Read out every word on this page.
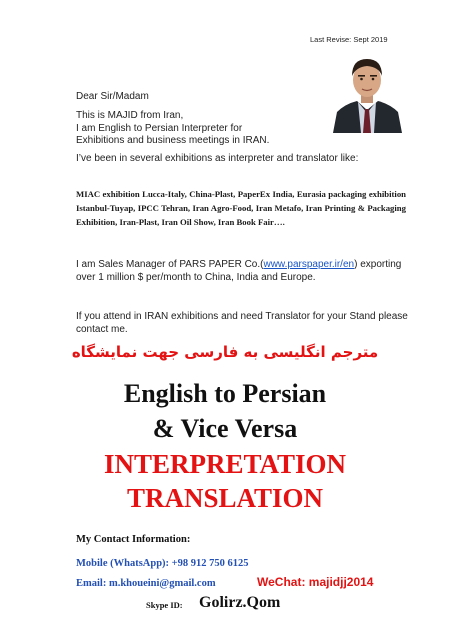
Last Revise: Sept 2019
Dear Sir/Madam
This is MAJID from Iran,
I am English to Persian Interpreter for
Exhibitions and business meetings in IRAN.
I’ve been in several exhibitions as interpreter and translator like:
MIAC exhibition Lucca-Italy, China-Plast, PaperEx India, Eurasia packaging exhibition Istanbul-Tuyap, IPCC Tehran, Iran Agro-Food, Iran Metafo, Iran Printing & Packaging Exhibition, Iran-Plast, Iran Oil Show, Iran Book Fair….
I am Sales Manager of PARS PAPER Co.(www.parspaper.ir/en) exporting over 1 million $ per/month to China, India and Europe.
If you attend in IRAN exhibitions and need Translator for your Stand please contact me.
مترجم انگلیسی به فارسی جهت نمایشگاه
English to Persian
& Vice Versa
INTERPRETATION
TRANSLATION
My Contact Information:
Mobile (WhatsApp): +98 912 750 6125
Email: m.khoueini@gmail.com	WeChat: majidjj2014
Skype ID: Golirz.Qom
